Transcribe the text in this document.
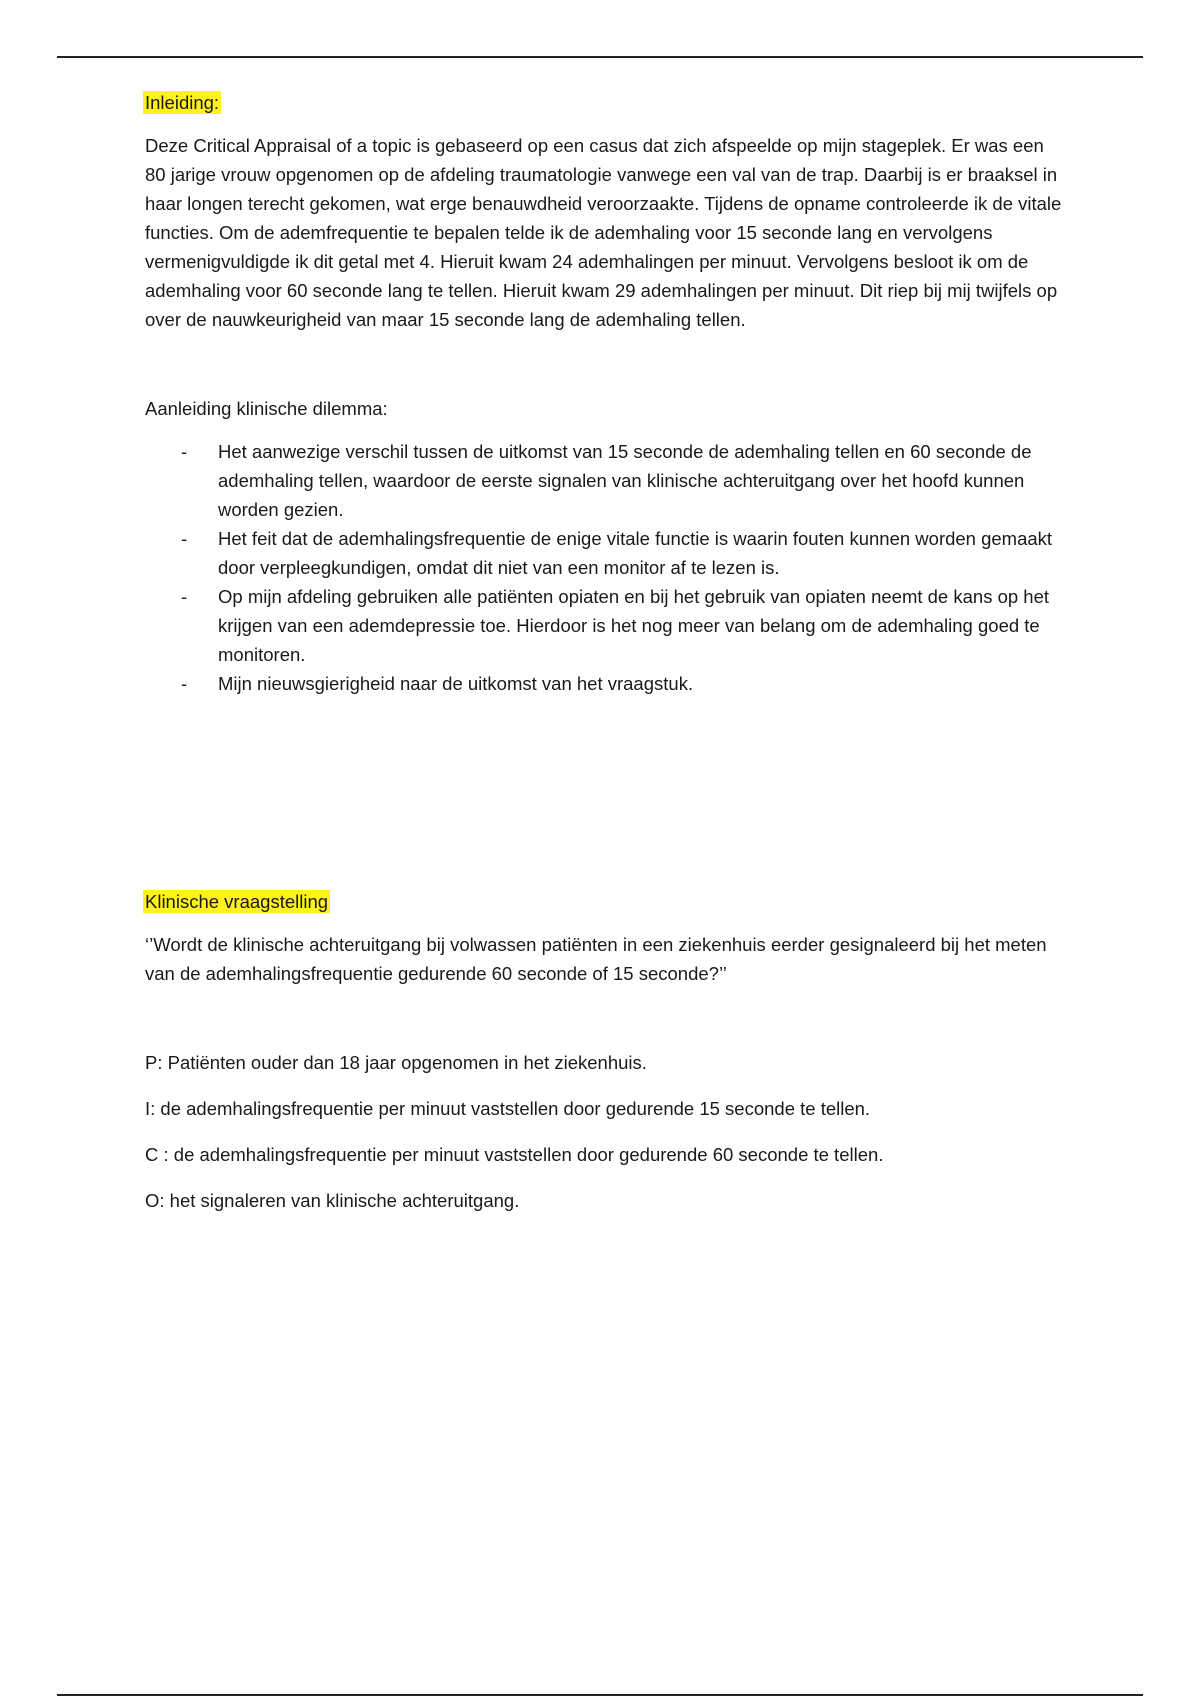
Inleiding:

Deze Critical Appraisal of a topic is gebaseerd op een casus dat zich afspeelde op mijn stageplek. Er was een 80 jarige vrouw opgenomen op de afdeling traumatologie vanwege een val van de trap. Daarbij is er braaksel in haar longen terecht gekomen, wat erge benauwdheid veroorzaakte. Tijdens de opname controleerde ik de vitale functies. Om de ademfrequentie te bepalen telde ik de ademhaling voor 15 seconde lang en vervolgens vermenigvuldigde ik dit getal met 4. Hieruit kwam 24 ademhalingen per minuut. Vervolgens besloot ik om de ademhaling voor 60 seconde lang te tellen. Hieruit kwam 29 ademhalingen per minuut. Dit riep bij mij twijfels op over de nauwkeurigheid van maar 15 seconde lang de ademhaling tellen.

Aanleiding klinische dilemma:

- Het aanwezige verschil tussen de uitkomst van 15 seconde de ademhaling tellen en 60 seconde de ademhaling tellen, waardoor de eerste signalen van klinische achteruitgang over het hoofd kunnen worden gezien.
- Het feit dat de ademhalingsfrequentie de enige vitale functie is waarin fouten kunnen worden gemaakt door verpleegkundigen, omdat dit niet van een monitor af te lezen is.
- Op mijn afdeling gebruiken alle patiënten opiaten en bij het gebruik van opiaten neemt de kans op het krijgen van een ademdepressie toe. Hierdoor is het nog meer van belang om de ademhaling goed te monitoren.
- Mijn nieuwsgierigheid naar de uitkomst van het vraagstuk.
Klinische vraagstelling

‘’Wordt de klinische achteruitgang bij volwassen patiënten in een ziekenhuis eerder gesignaleerd bij het meten van de ademhalingsfrequentie gedurende 60 seconde of 15 seconde?’’

P: Patiënten ouder dan 18 jaar opgenomen in het ziekenhuis.

I: de ademhalingsfrequentie per minuut vaststellen door gedurende 15 seconde te tellen.

C : de ademhalingsfrequentie per minuut vaststellen door gedurende 60 seconde te tellen.

O: het signaleren van klinische achteruitgang.
